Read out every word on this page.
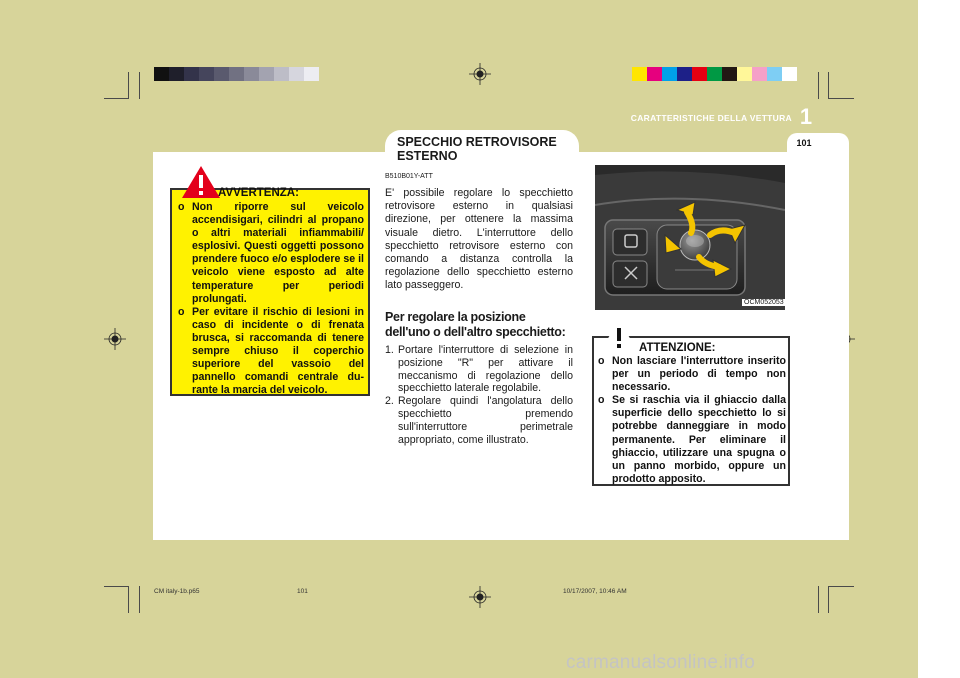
CARATTERISTICHE DELLA VETTURA 1
101
SPECCHIO RETROVISORE ESTERNO
AVVERTENZA:
o Non riporre sul veicolo accendisigari, cilindri al propano o altri materiali infiammabili/ esplosivi. Questi oggetti possono prendere fuoco e/o esplodere se il veicolo viene esposto ad alte temperature per periodi prolungati.
o Per evitare il rischio di lesioni in caso di incidente o di frenata brusca, si raccomanda di tenere sempre chiuso il coperchio superiore del vassoio del pannello comandi centrale du- rante la marcia del veicolo.
B510B01Y-ATT

E' possibile regolare lo specchietto retrovisore esterno in qualsiasi direzione, per ottenere la massima visuale dietro. L'interruttore dello specchietto retrovisore esterno con comando a distanza controlla la regolazione dello specchietto esterno lato passeggero.

Per regolare la posizione dell'uno o dell'altro specchietto:
1. Portare l'interruttore di selezione in posizione "R" per attivare il meccanismo di regolazione dello specchietto laterale regolabile.
2. Regolare quindi l'angolatura dello specchietto premendo sull'interruttore perimetrale appropriato, come illustrato.
OCM052053
ATTENZIONE:
o Non lasciare l'interruttore inserito per un periodo di tempo non necessario.
o Se si raschia via il ghiaccio dalla superficie dello specchietto lo si potrebbe danneggiare in modo permanente. Per eliminare il ghiaccio, utilizzare una spugna o un panno morbido, oppure un prodotto apposito.
CM italy-1b.p65	101	10/17/2007, 10:46 AM
carmanualsonline.info
